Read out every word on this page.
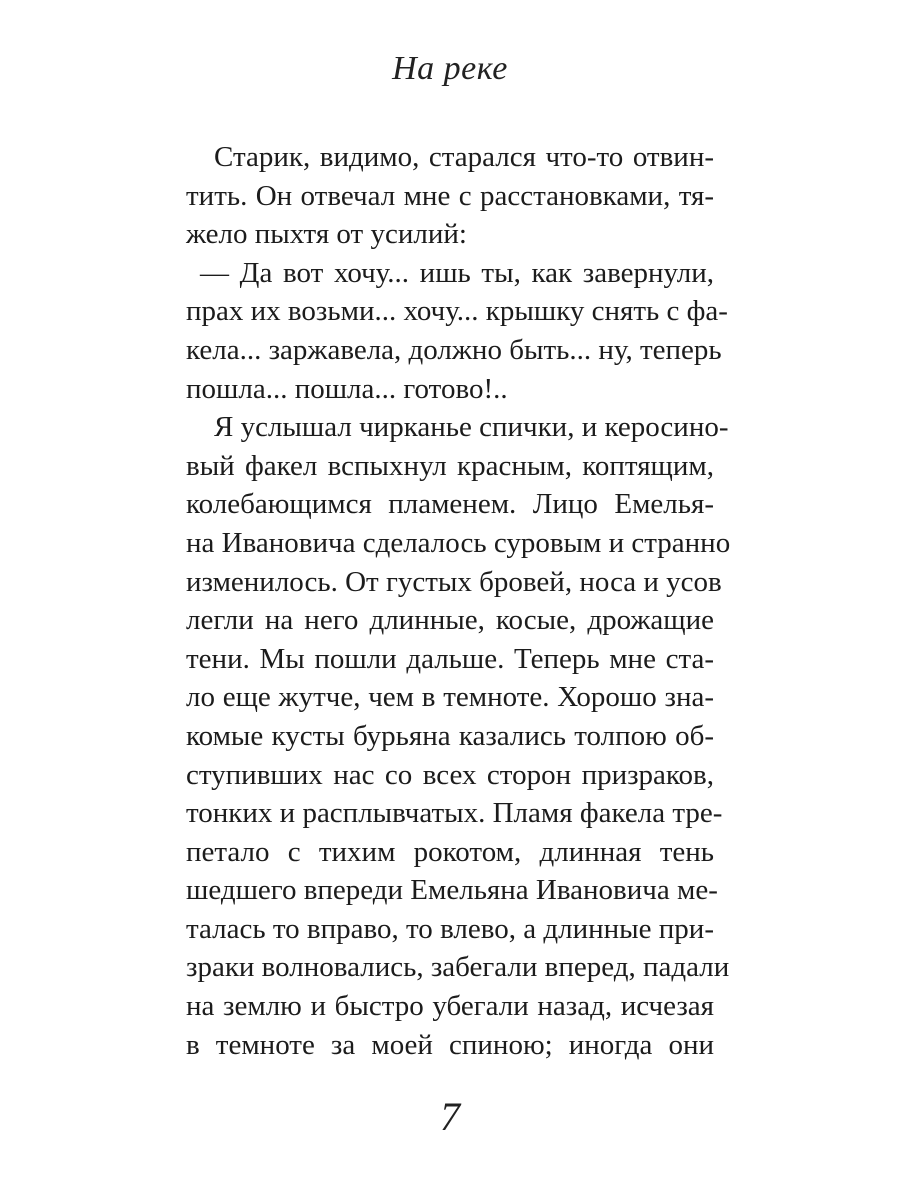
На реке
Старик, видимо, старался что-то отвин-
тить. Он отвечал мне с расстановками, тя-
жело пыхтя от усилий:
— Да вот хочу... ишь ты, как завернули,
прах их возьми... хочу... крышку снять с фа-
кела... заржавела, должно быть... ну, теперь
пошла... пошла... готово!..
Я услышал чирканье спички, и керосино-
вый факел вспыхнул красным, коптящим,
колебающимся пламенем. Лицо Емелья-
на Ивановича сделалось суровым и странно
изменилось. От густых бровей, носа и усов
легли на него длинные, косые, дрожащие
тени. Мы пошли дальше. Теперь мне ста-
ло еще жутче, чем в темноте. Хорошо зна-
комые кусты бурьяна казались толпою об-
ступивших нас со всех сторон призраков,
тонких и расплывчатых. Пламя факела тре-
петало с тихим рокотом, длинная тень
шедшего впереди Емельяна Ивановича ме-
талась то вправо, то влево, а длинные при-
зраки волновались, забегали вперед, падали
на землю и быстро убегали назад, исчезая
в темноте за моей спиною; иногда они
7
